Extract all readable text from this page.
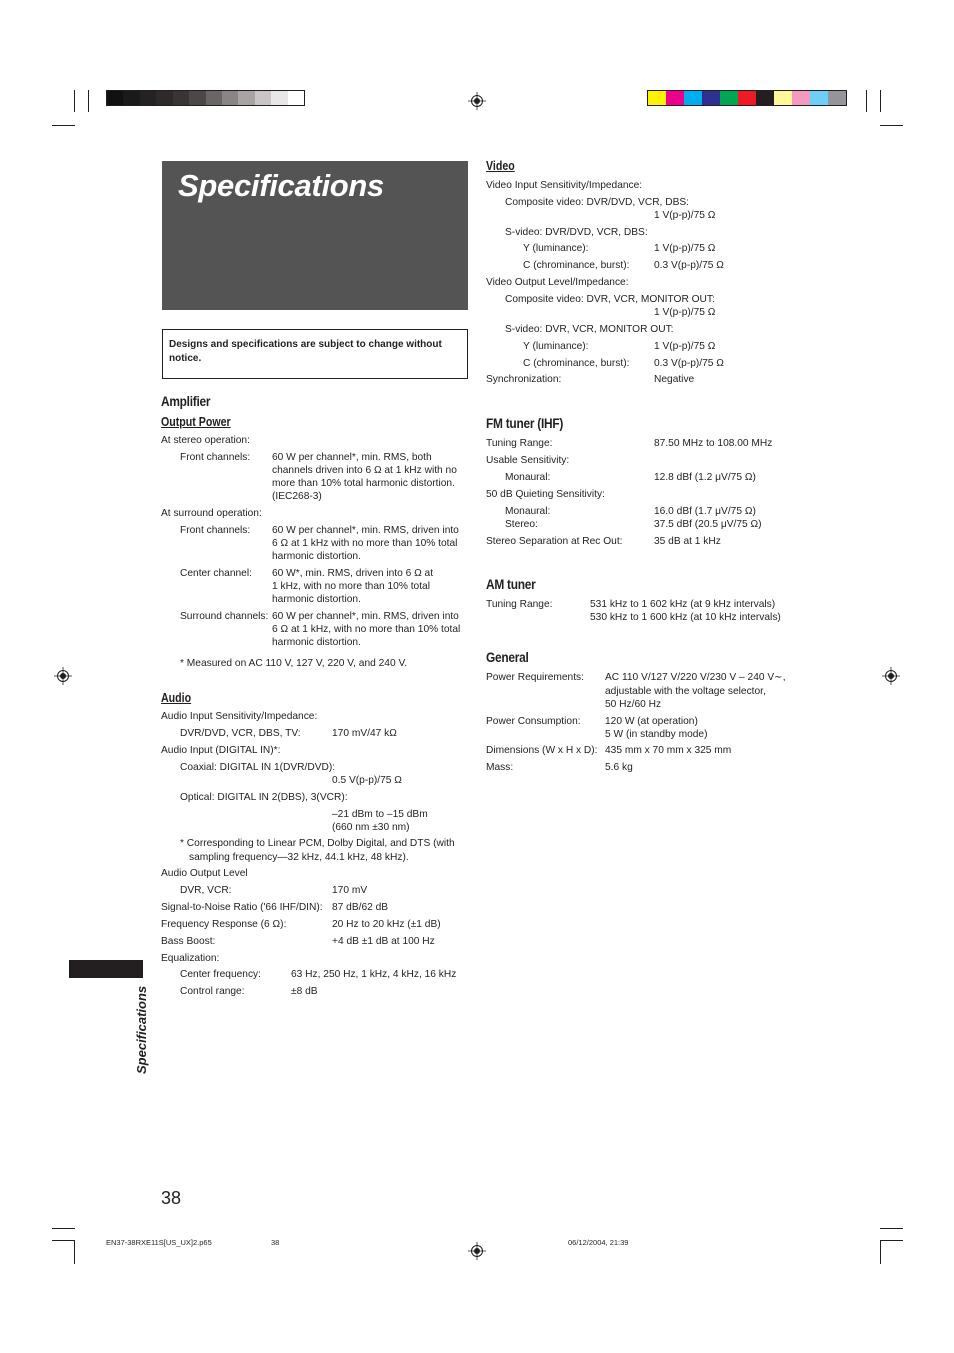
Specifications
Designs and specifications are subject to change without notice.
Amplifier
Output Power
At stereo operation:
Front channels: 60 W per channel*, min. RMS, both
channels driven into 6 Ω at 1 kHz with no
more than 10% total harmonic distortion.
(IEC268-3)
At surround operation:
Front channels: 60 W per channel*, min. RMS, driven into
6 Ω at 1 kHz with no more than 10% total
harmonic distortion.
Center channel: 60 W*, min. RMS, driven into 6 Ω at
1 kHz, with no more than 10% total
harmonic distortion.
Surround channels: 60 W per channel*, min. RMS, driven into
6 Ω at 1 kHz, with no more than 10% total
harmonic distortion.
* Measured on AC 110 V, 127 V, 220 V, and 240 V.
Audio
Audio Input Sensitivity/Impedance:
DVR/DVD, VCR, DBS, TV:	170 mV/47 kΩ
Audio Input (DIGITAL IN)*:
Coaxial: DIGITAL IN 1(DVR/DVD):
0.5 V(p-p)/75 Ω
Optical: DIGITAL IN 2(DBS), 3(VCR):
–21 dBm to –15 dBm
(660 nm ±30 nm)
* Corresponding to Linear PCM, Dolby Digital, and DTS (with
sampling frequency—32 kHz, 44.1 kHz, 48 kHz).
Audio Output Level
DVR, VCR:	170 mV
Signal-to-Noise Ratio ('66 IHF/DIN): 87 dB/62 dB
Frequency Response (6 Ω):	20 Hz to 20 kHz (±1 dB)
Bass Boost:	+4 dB ±1 dB at 100 Hz
Equalization:
Center frequency:	63 Hz, 250 Hz, 1 kHz, 4 kHz, 16 kHz
Control range:	±8 dB
Video
Video Input Sensitivity/Impedance:
Composite video: DVR/DVD, VCR, DBS:
1 V(p-p)/75 Ω
S-video: DVR/DVD, VCR, DBS:
Y (luminance):	1 V(p-p)/75 Ω
C (chrominance, burst): 0.3 V(p-p)/75 Ω
Video Output Level/Impedance:
Composite video: DVR, VCR, MONITOR OUT:
1 V(p-p)/75 Ω
S-video: DVR, VCR, MONITOR OUT:
Y (luminance):	1 V(p-p)/75 Ω
C (chrominance, burst): 0.3 V(p-p)/75 Ω
Synchronization:	Negative
FM tuner (IHF)
Tuning Range:	87.50 MHz to 108.00 MHz
Usable Sensitivity:
Monaural:	12.8 dBf (1.2 μV/75 Ω)
50 dB Quieting Sensitivity:
Monaural:	16.0 dBf (1.7 μV/75 Ω)
Stereo:	37.5 dBf (20.5 μV/75 Ω)
Stereo Separation at Rec Out:	35 dB at 1 kHz
AM tuner
Tuning Range:	531 kHz to 1 602 kHz (at 9 kHz intervals)
530 kHz to 1 600 kHz (at 10 kHz intervals)
General
Power Requirements: AC 110 V/127 V/220 V/230 V – 240 V∼,
adjustable with the voltage selector,
50 Hz/60 Hz
Power Consumption: 120 W (at operation)
5 W (in standby mode)
Dimensions (W x H x D): 435 mm x 70 mm x 325 mm
Mass:	5.6 kg
Specifications
38
EN37-38RXE11S[US_UX]2.p65	38	06/12/2004, 21:39
